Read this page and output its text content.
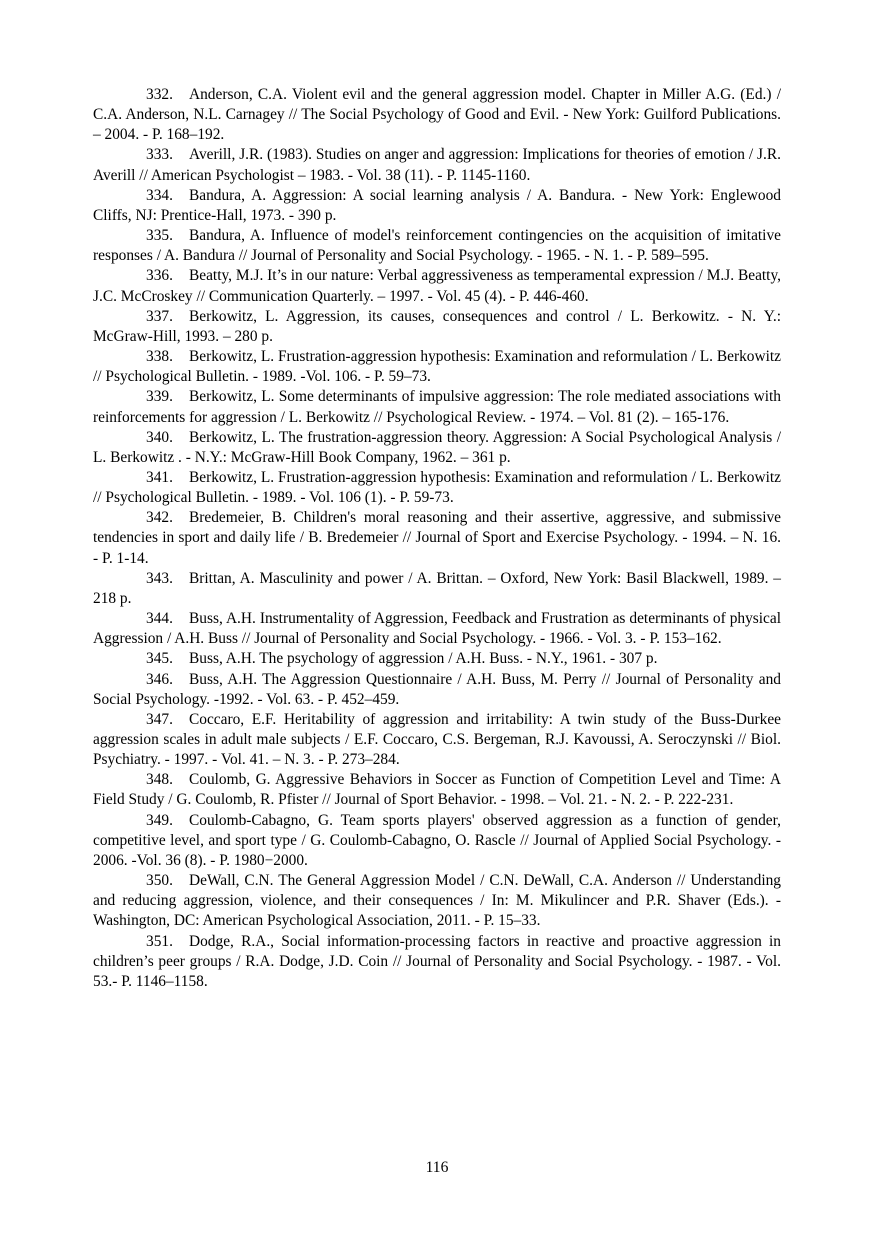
332. Anderson, C.A. Violent evil and the general aggression model. Chapter in Miller A.G. (Ed.) / C.A. Anderson, N.L. Carnagey // The Social Psychology of Good and Evil. - New York: Guilford Publications. – 2004. - P. 168–192.

333. Averill, J.R. (1983). Studies on anger and aggression: Implications for theories of emotion / J.R. Averill // American Psychologist – 1983. - Vol. 38 (11). - P. 1145-1160.

334. Bandura, A. Aggression: A social learning analysis / A. Bandura. - New York: Englewood Cliffs, NJ: Prentice-Hall, 1973. - 390 p.

335. Bandura, A. Influence of model's reinforcement contingencies on the acquisition of imitative responses / A. Bandura // Journal of Personality and Social Psychology. - 1965. - N. 1. - P. 589–595.

336. Beatty, M.J. It’s in our nature: Verbal aggressiveness as temperamental expression / M.J. Beatty, J.C. McCroskey // Communication Quarterly. – 1997. - Vol. 45 (4). - P. 446-460.

337. Berkowitz, L. Aggression, its causes, consequences and control / L. Berkowitz. - N. Y.: McGraw-Hill, 1993. – 280 p.

338. Berkowitz, L. Frustration-aggression hypothesis: Examination and reformulation / L. Berkowitz // Psychological Bulletin. - 1989. -Vol. 106. - P. 59–73.

339. Berkowitz, L. Some determinants of impulsive aggression: The role mediated associations with reinforcements for aggression / L. Berkowitz // Psychological Review. - 1974. – Vol. 81 (2). – 165-176.

340. Berkowitz, L. The frustration-aggression theory. Aggression: A Social Psychological Analysis / L. Berkowitz . - N.Y.: McGraw-Hill Book Company, 1962. – 361 p.

341. Berkowitz, L. Frustration-aggression hypothesis: Examination and reformulation / L. Berkowitz // Psychological Bulletin. - 1989. - Vol. 106 (1). - P. 59-73.

342. Bredemeier, B. Children's moral reasoning and their assertive, aggressive, and submissive tendencies in sport and daily life / B. Bredemeier // Journal of Sport and Exercise Psychology. - 1994. – N. 16. - P. 1-14.

343. Brittan, A. Masculinity and power / A. Brittan. – Oxford, New York: Basil Blackwell, 1989. – 218 p.

344. Buss, A.H. Instrumentality of Aggression, Feedback and Frustration as determinants of physical Aggression / A.H. Buss // Journal of Personality and Social Psychology. - 1966. - Vol. 3. - P. 153–162.

345. Buss, A.H. The psychology of aggression / A.H. Buss. - N.Y., 1961. - 307 p.

346. Buss, A.H. The Aggression Questionnaire / A.H. Buss, M. Perry // Journal of Personality and Social Psychology. -1992. - Vol. 63. - P. 452–459.

347. Coccaro, E.F. Heritability of aggression and irritability: A twin study of the Buss-Durkee aggression scales in adult male subjects / E.F. Coccaro, C.S. Bergeman, R.J. Kavoussi, A. Seroczynski // Biol. Psychiatry. - 1997. - Vol. 41. – N. 3. - P. 273–284.

348. Coulomb, G. Aggressive Behaviors in Soccer as Function of Competition Level and Time: A Field Study / G. Coulomb, R. Pfister // Journal of Sport Behavior. - 1998. – Vol. 21. - N. 2. - P. 222-231.

349. Coulomb-Cabagno, G. Team sports players' observed aggression as a function of gender, competitive level, and sport type / G. Coulomb-Cabagno, O. Rascle // Journal of Applied Social Psychology. - 2006. -Vol. 36 (8). - P. 1980−2000.

350. DeWall, C.N. The General Aggression Model / C.N. DeWall, C.A. Anderson // Understanding and reducing aggression, violence, and their consequences / In: M. Mikulincer and P.R. Shaver (Eds.). - Washington, DC: American Psychological Association, 2011. - P. 15–33.

351. Dodge, R.A., Social information-processing factors in reactive and proactive aggression in children’s peer groups / R.A. Dodge, J.D. Coin // Journal of Personality and Social Psychology. - 1987. - Vol. 53.- P. 1146–1158.

116
